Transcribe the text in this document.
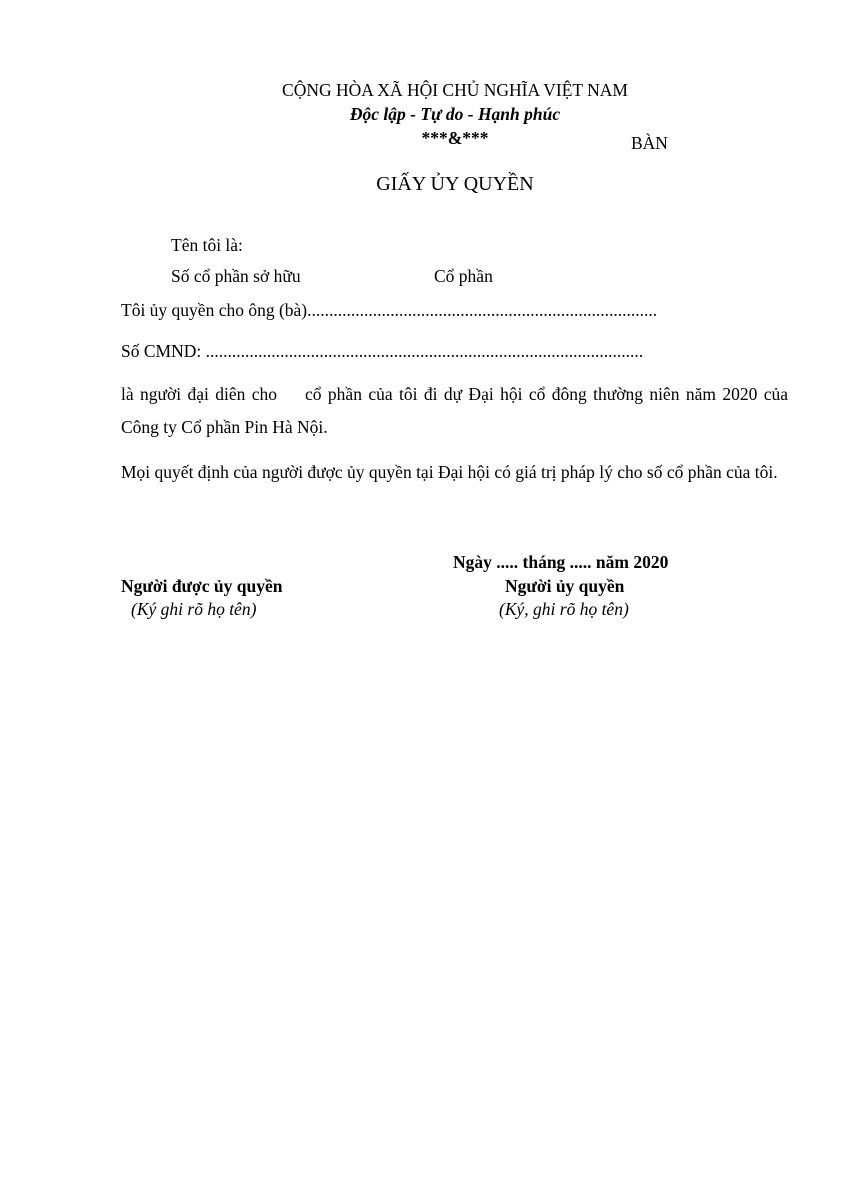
CỘNG HÒA XÃ HỘI CHỦ NGHĨA VIỆT NAM
Độc lập - Tự do - Hạnh phúc
***&***	BÀN
GIẤY ỦY QUYỀN
Tên tôi là:
Số cổ phần sở hữu	Cổ phần
Tôi ủy quyền cho ông (bà)................................................................................
Số CMND: ....................................................................................................
là người đại diên cho cổ phần của tôi đi dự Đại hội cổ đông thường niên năm 2020 của Công ty Cổ phần Pin Hà Nội.
Mọi quyết định của người được ủy quyền tại Đại hội có giá trị pháp lý cho số cổ phần của tôi.
Ngày ..... tháng ..... năm 2020
Người được ủy quyền	Người ủy quyền
(Ký ghi rõ họ tên)	(Ký, ghi rõ họ tên)
